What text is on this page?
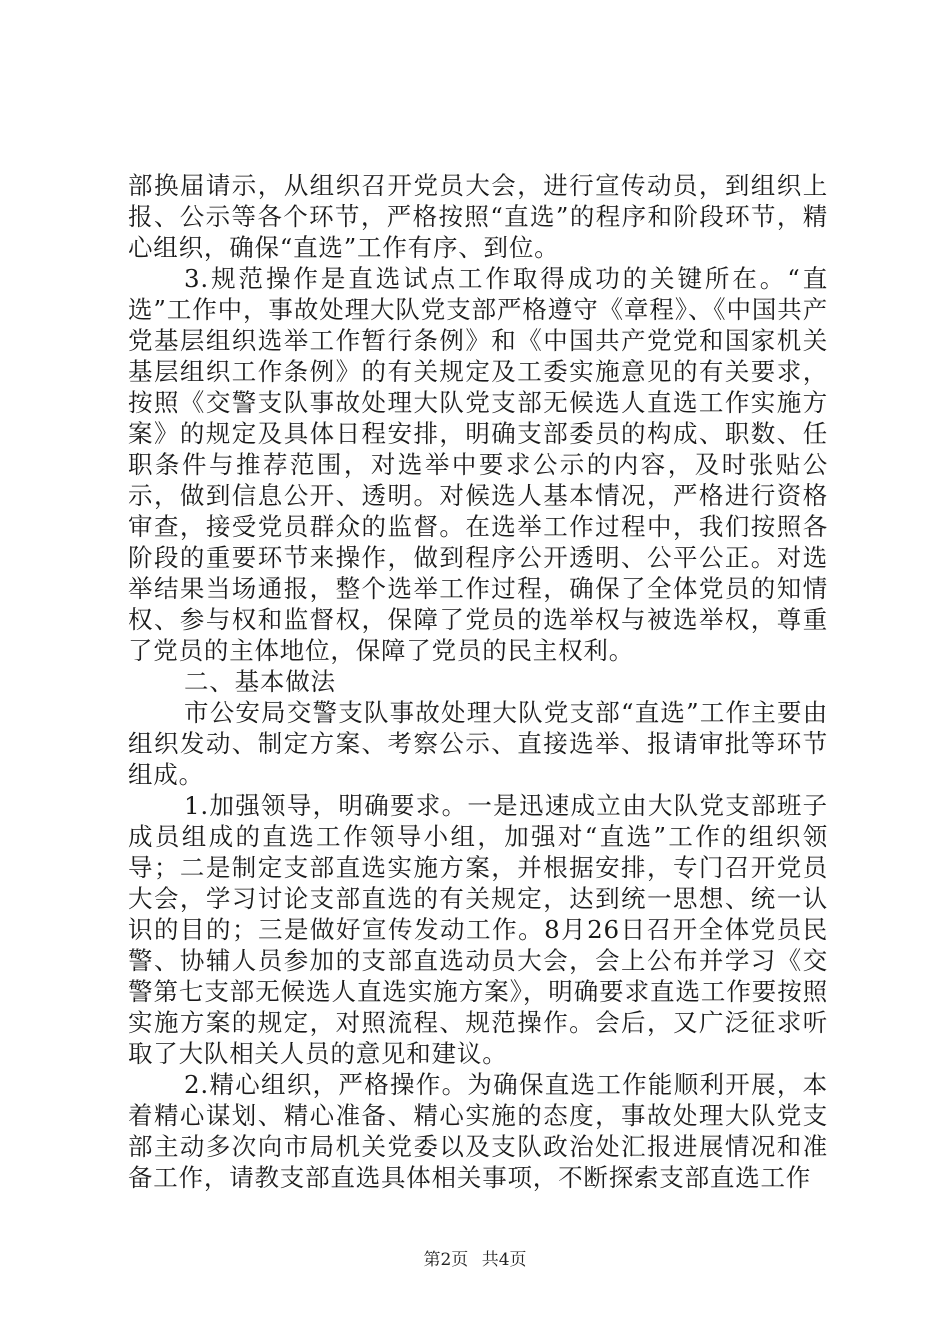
部换届请示，从组织召开党员大会，进行宣传动员，到组织上报、公示等各个环节，严格按照“直选”的程序和阶段环节，精心组织，确保“直选”工作有序、到位。

3.规范操作是直选试点工作取得成功的关键所在。“直选”工作中，事故处理大队党支部严格遵守《章程》、《中国共产党基层组织选举工作暂行条例》和《中国共产党党和国家机关基层组织工作条例》的有关规定及工委实施意见的有关要求，按照《交警支队事故处理大队党支部无候选人直选工作实施方案》的规定及具体日程安排，明确支部委员的构成、职数、任职条件与推荐范围，对选举中要求公示的内容，及时张贴公示，做到信息公开、透明。对候选人基本情况，严格进行资格审查，接受党员群众的监督。在选举工作过程中，我们按照各阶段的重要环节来操作，做到程序公开透明、公平公正。对选举结果当场通报，整个选举工作过程，确保了全体党员的知情权、参与权和监督权，保障了党员的选举权与被选举权，尊重了党员的主体地位，保障了党员的民主权利。

二、基本做法

市公安局交警支队事故处理大队党支部“直选”工作主要由组织发动、制定方案、考察公示、直接选举、报请审批等环节组成。

1.加强领导，明确要求。一是迅速成立由大队党支部班子成员组成的直选工作领导小组，加强对“直选”工作的组织领导；二是制定支部直选实施方案，并根据安排，专门召开党员大会，学习讨论支部直选的有关规定，达到统一思想、统一认识的目的；三是做好宣传发动工作。8月26日召开全体党员民警、协辅人员参加的支部直选动员大会，会上公布并学习《交警第七支部无候选人直选实施方案》，明确要求直选工作要按照实施方案的规定，对照流程、规范操作。会后，又广泛征求听取了大队相关人员的意见和建议。

2.精心组织，严格操作。为确保直选工作能顺利开展，本着精心谋划、精心准备、精心实施的态度，事故处理大队党支部主动多次向市局机关党委以及支队政治处汇报进展情况和准备工作，请教支部直选具体相关事项，不断探索支部直选工作

第2页 共4页
